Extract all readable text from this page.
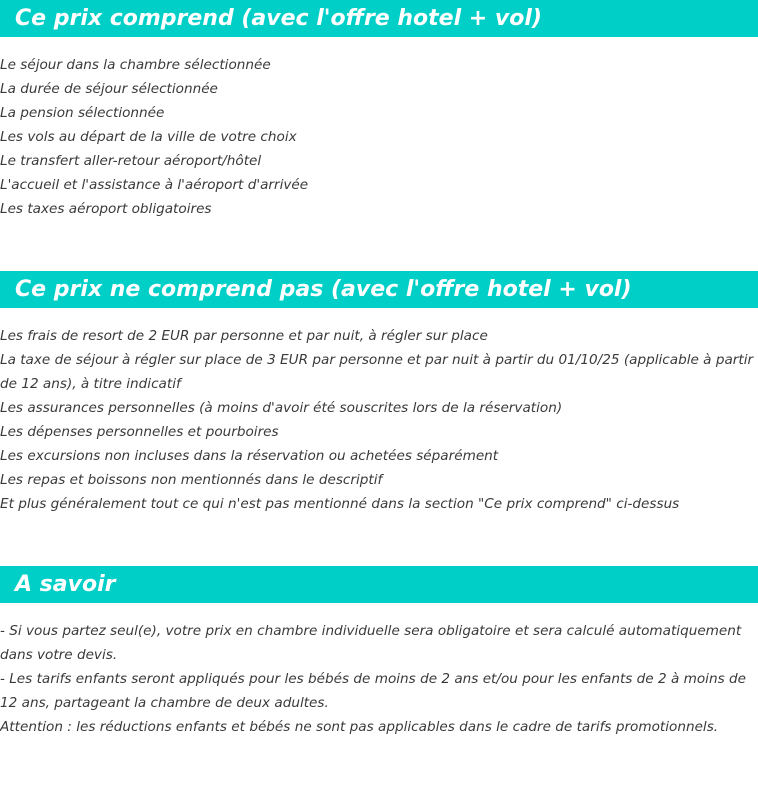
Ce prix comprend (avec l'offre hotel + vol)
Le séjour dans la chambre sélectionnée
La durée de séjour sélectionnée
La pension sélectionnée
Les vols au départ de la ville de votre choix
Le transfert aller-retour aéroport/hôtel
L'accueil et l'assistance à l'aéroport d'arrivée
Les taxes aéroport obligatoires
Ce prix ne comprend pas (avec l'offre hotel + vol)
Les frais de resort de 2 EUR par personne et par nuit, à régler sur place
La taxe de séjour à régler sur place de 3 EUR par personne et par nuit à partir du 01/10/25 (applicable à partir de 12 ans), à titre indicatif
Les assurances personnelles (à moins d'avoir été souscrites lors de la réservation)
Les dépenses personnelles et pourboires
Les excursions non incluses dans la réservation ou achetées séparément
Les repas et boissons non mentionnés dans le descriptif
Et plus généralement tout ce qui n'est pas mentionné dans la section "Ce prix comprend" ci-dessus
A savoir
- Si vous partez seul(e), votre prix en chambre individuelle sera obligatoire et sera calculé automatiquement dans votre devis.
- Les tarifs enfants seront appliqués pour les bébés de moins de 2 ans et/ou pour les enfants de 2 à moins de 12 ans, partageant la chambre de deux adultes.
Attention : les réductions enfants et bébés ne sont pas applicables dans le cadre de tarifs promotionnels.
